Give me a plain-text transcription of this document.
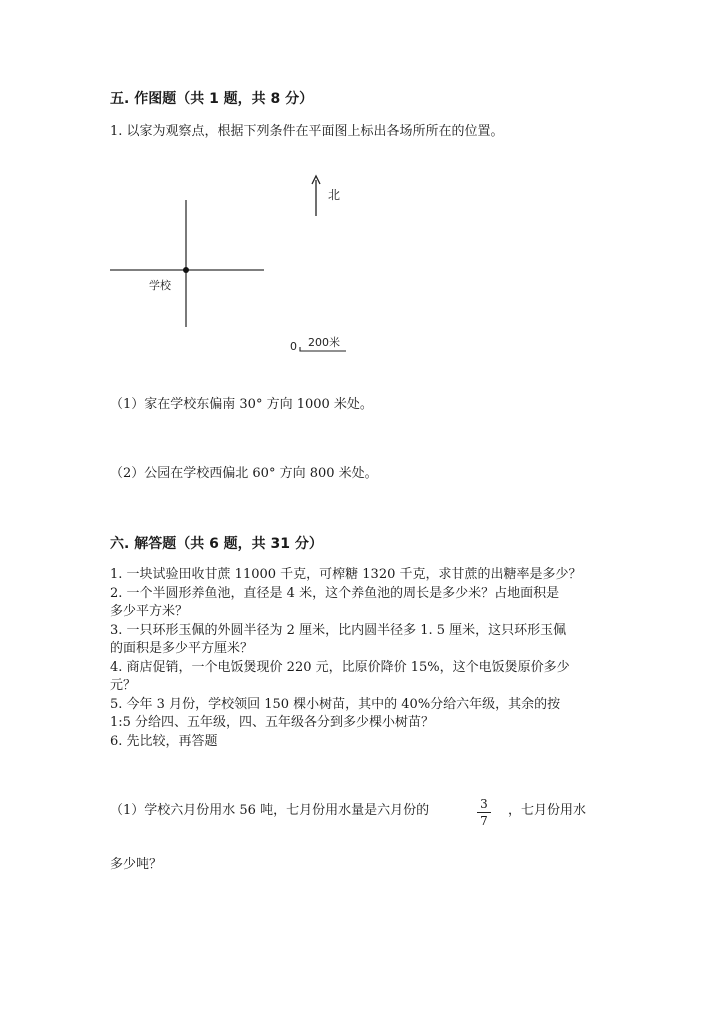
五. 作图题（共 1 题，共 8 分）
1. 以家为观察点，根据下列条件在平面图上标出各场所所在的位置。
北
学校
0 200米
（1）家在学校东偏南 30° 方向 1000 米处。
（2）公园在学校西偏北 60° 方向 800 米处。
六. 解答题（共 6 题，共 31 分）
1. 一块试验田收甘蔗 11000 千克，可榨糖 1320 千克，求甘蔗的出糖率是多少？
2. 一个半圆形养鱼池，直径是 4 米，这个养鱼池的周长是多少米？占地面积是
多少平方米？
3. 一只环形玉佩的外圆半径为 2 厘米，比内圆半径多 1. 5 厘米，这只环形玉佩
的面积是多少平方厘米？
4. 商店促销，一个电饭煲现价 220 元，比原价降价 15%，这个电饭煲原价多少
元？
5. 今年 3 月份，学校领回 150 棵小树苗，其中的 40%分给六年级，其余的按
1:5 分给四、五年级，四、五年级各分到多少棵小树苗？
6. 先比较，再答题
（1）学校六月份用水 56 吨，七月份用水量是六月份的	3
7
，七月份用水
多少吨？
